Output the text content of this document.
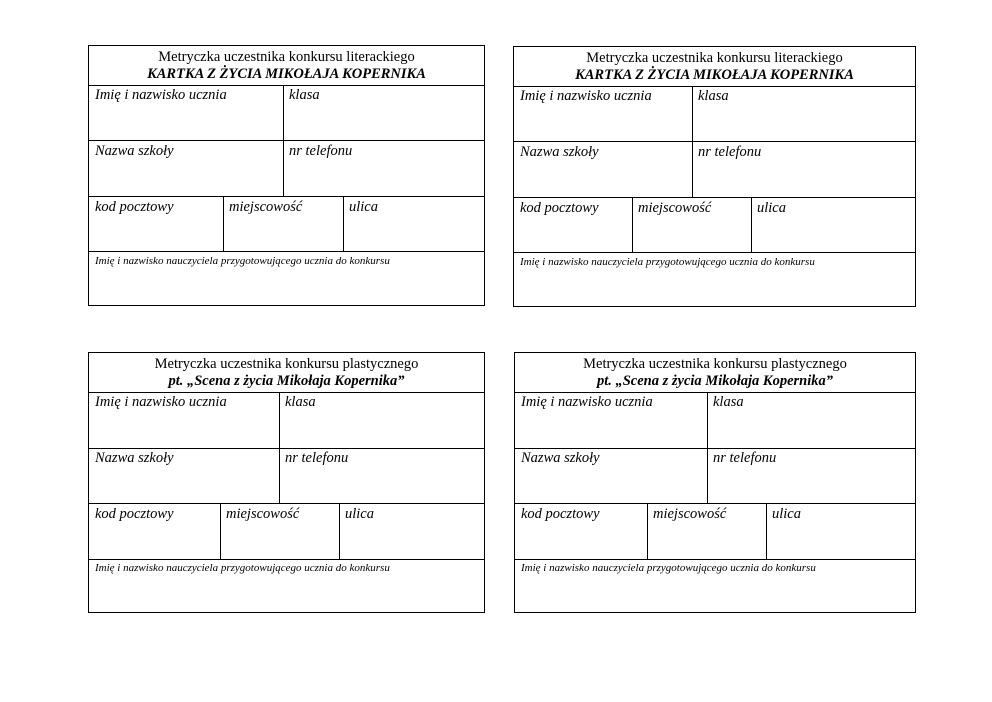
Metryczka uczestnika konkursu literackiego
KARTKA Z ŻYCIA MIKOŁAJA KOPERNIKA
Imię i nazwisko ucznia	klasa
Nazwa szkoły	nr telefonu
kod pocztowy	miejscowość	ulica
Imię i nazwisko nauczyciela przygotowującego ucznia do konkursu
Metryczka uczestnika konkursu literackiego
KARTKA Z ŻYCIA MIKOŁAJA KOPERNIKA
Imię i nazwisko ucznia	klasa
Nazwa szkoły	nr telefonu
kod pocztowy	miejscowość	ulica
Imię i nazwisko nauczyciela przygotowującego ucznia do konkursu
Metryczka uczestnika konkursu plastycznego
pt. „Scena z życia Mikołaja Kopernika”
Imię i nazwisko ucznia	klasa
Nazwa szkoły	nr telefonu
kod pocztowy	miejscowość	ulica
Imię i nazwisko nauczyciela przygotowującego ucznia do konkursu
Metryczka uczestnika konkursu plastycznego
pt. „Scena z życia Mikołaja Kopernika”
Imię i nazwisko ucznia	klasa
Nazwa szkoły	nr telefonu
kod pocztowy	miejscowość	ulica
Imię i nazwisko nauczyciela przygotowującego ucznia do konkursu
